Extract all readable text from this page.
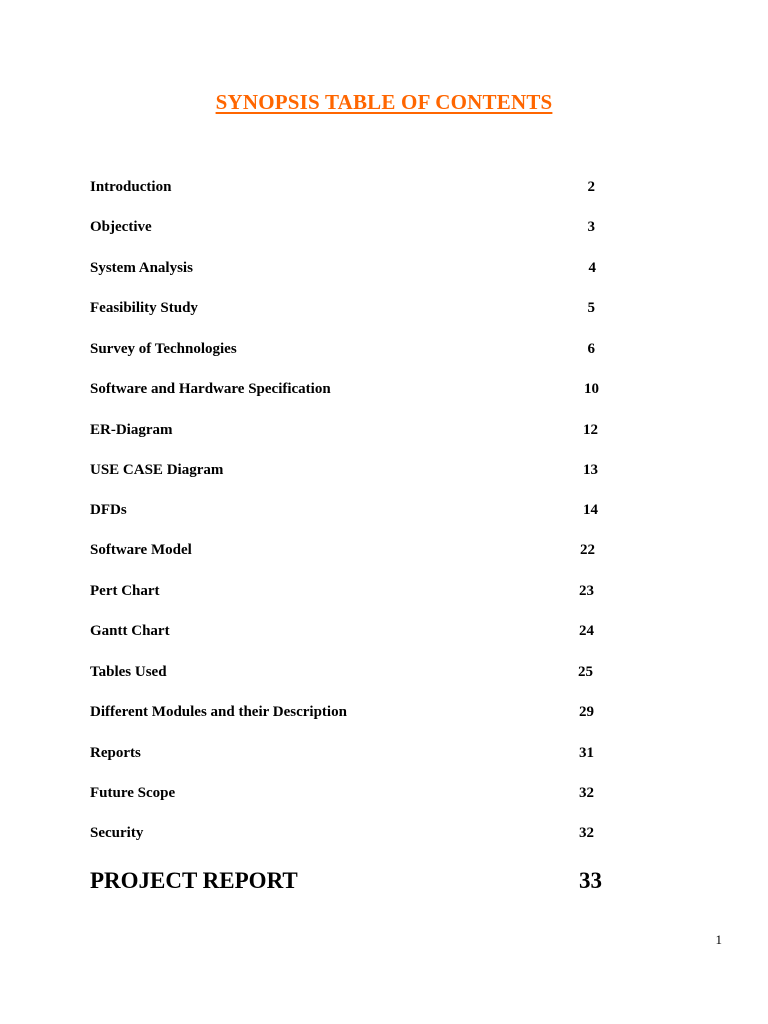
SYNOPSIS TABLE OF CONTENTS
Introduction	2
Objective	3
System Analysis	4
Feasibility Study	5
Survey of Technologies	6
Software and Hardware Specification	10
ER-Diagram	12
USE CASE Diagram	13
DFDs	14
Software Model	22
Pert Chart	23
Gantt Chart	24
Tables Used	25
Different Modules and their Description	29
Reports	31
Future Scope	32
Security	32
PROJECT REPORT	33
1
